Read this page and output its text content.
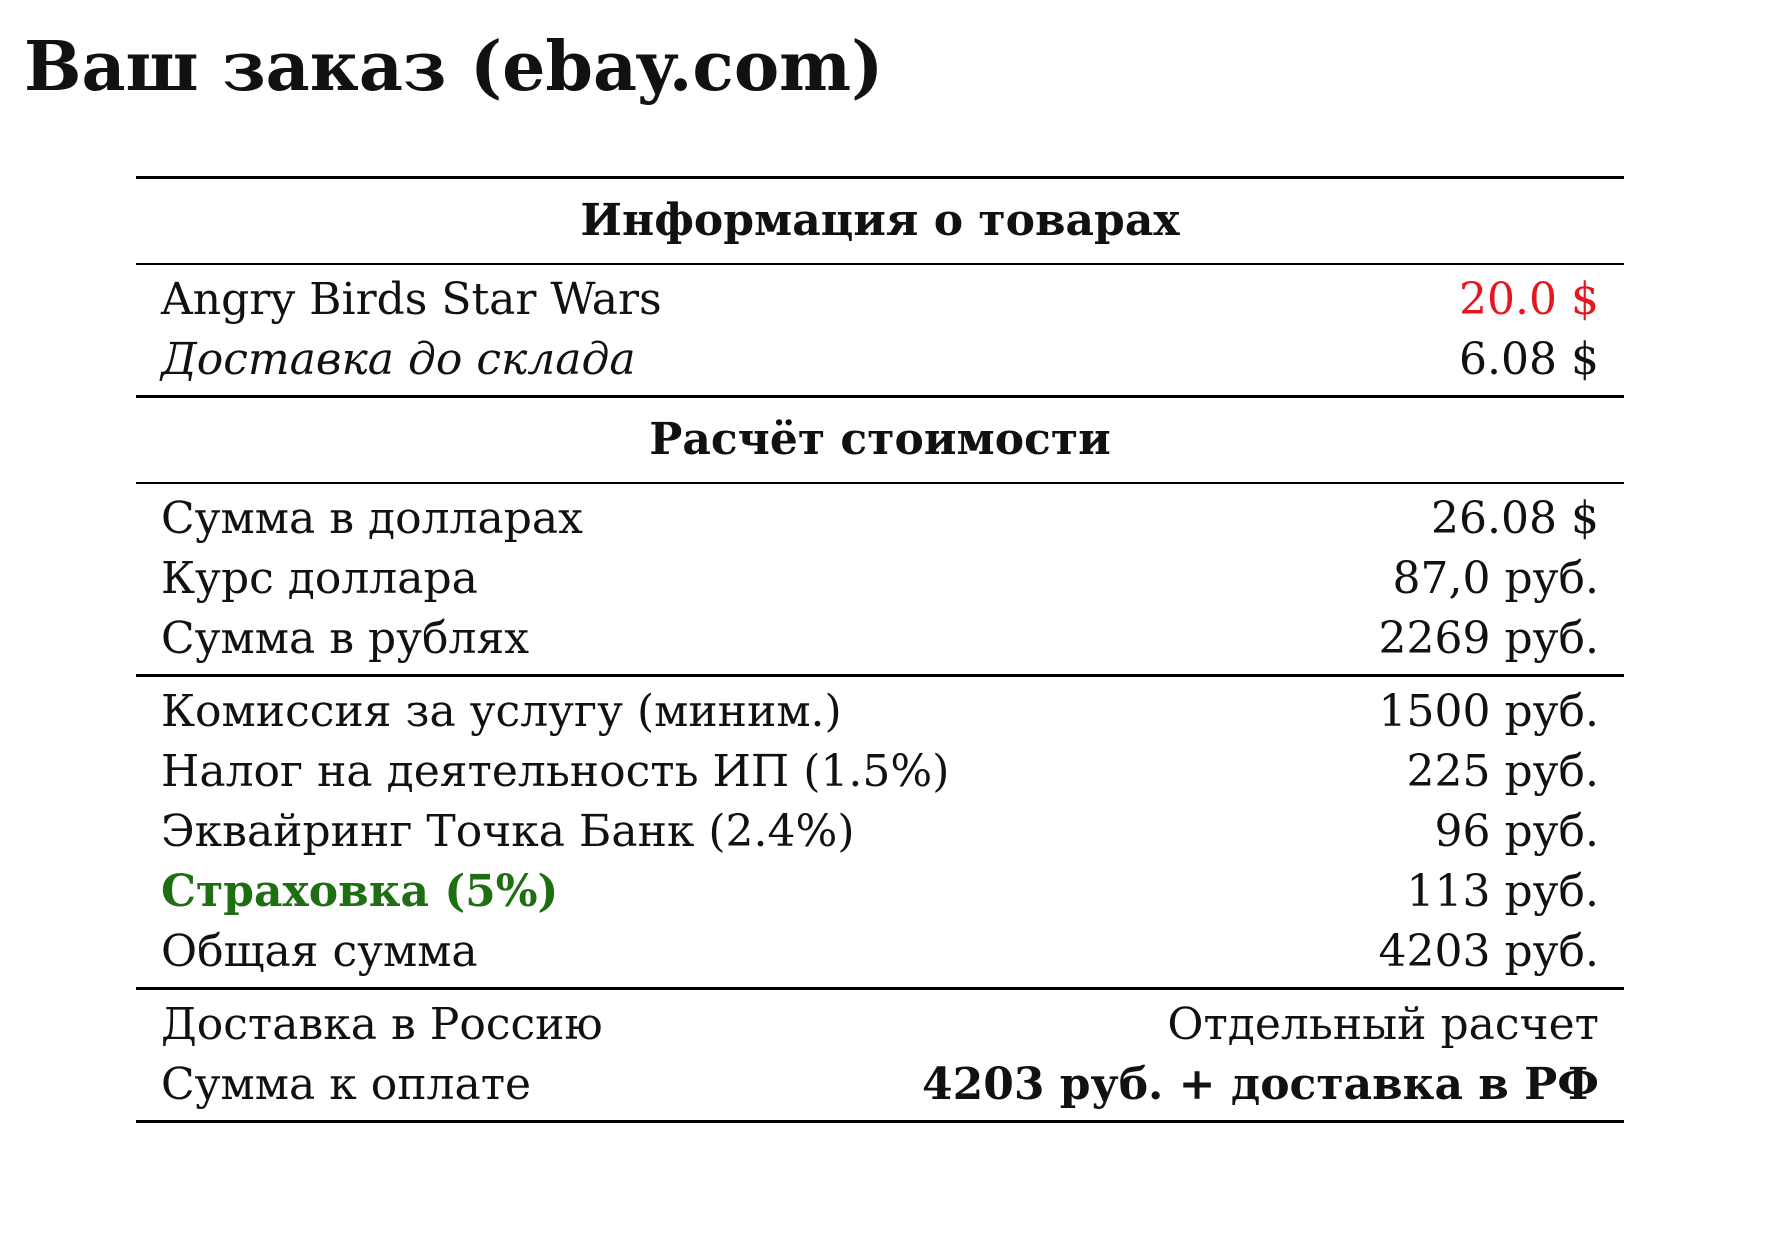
Ваш заказ (ebay.com)
Информация о товарах
Angry Birds Star Wars	20.0 $
Доставка до склада	6.08 $
Расчёт стоимости
Сумма в долларах	26.08 $
Курс доллара	87,0 руб.
Сумма в рублях	2269 руб.
Комиссия за услугу (миним.)	1500 руб.
Налог на деятельность ИП (1.5%)	225 руб.
Эквайринг Точка Банк (2.4%)	96 руб.
Страховка (5%)	113 руб.
Общая сумма	4203 руб.
Доставка в Россию	Отдельный расчет
Сумма к оплате	4203 руб. + доставка в РФ
